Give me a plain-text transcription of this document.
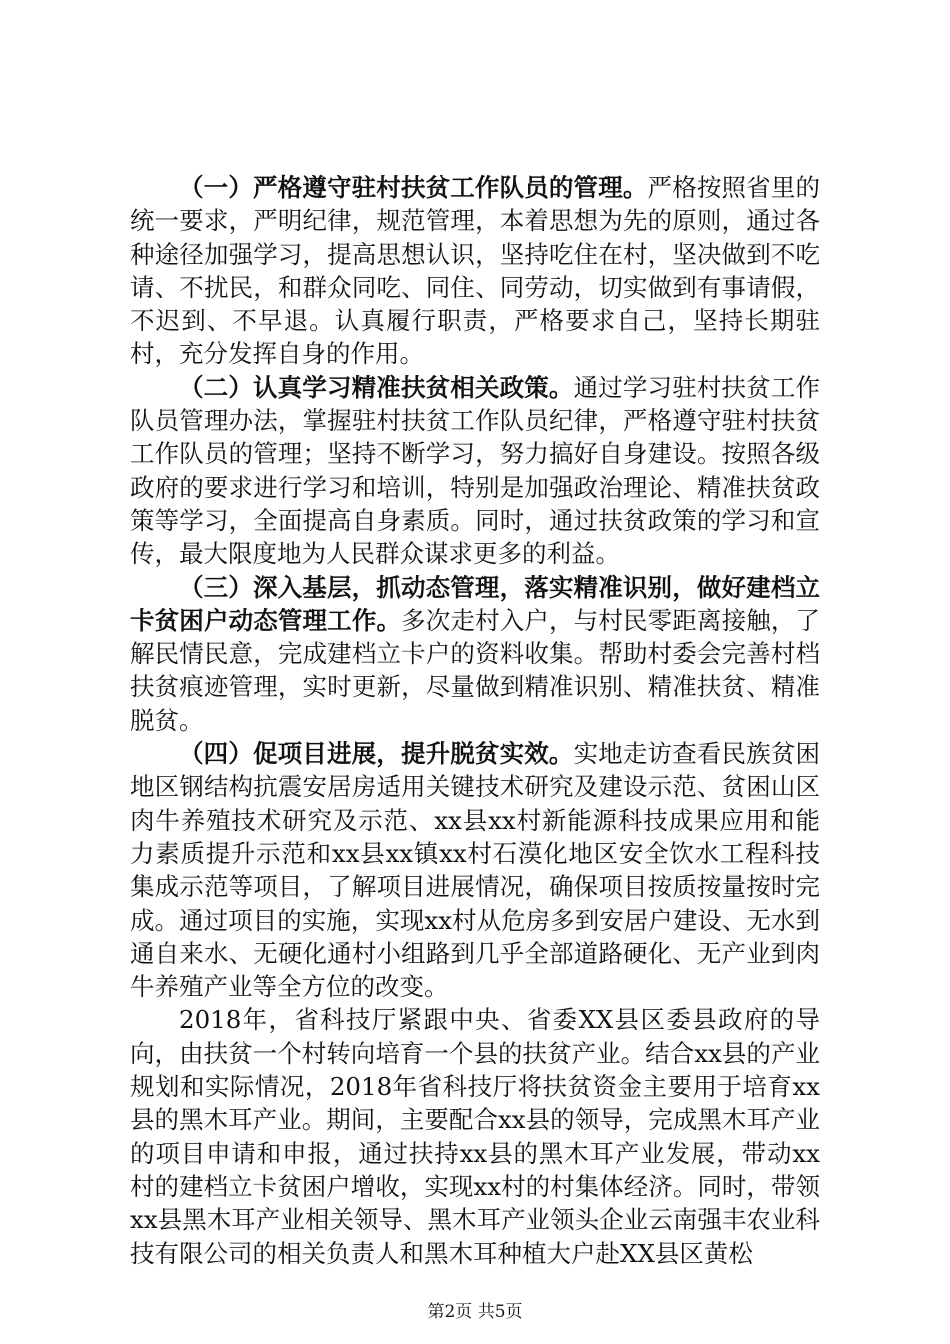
（一）严格遵守驻村扶贫工作队员的管理。严格按照省里的统一要求，严明纪律，规范管理，本着思想为先的原则，通过各种途径加强学习，提高思想认识，坚持吃住在村，坚决做到不吃请、不扰民，和群众同吃、同住、同劳动，切实做到有事请假，不迟到、不早退。认真履行职责，严格要求自己，坚持长期驻村，充分发挥自身的作用。

（二）认真学习精准扶贫相关政策。通过学习驻村扶贫工作队员管理办法，掌握驻村扶贫工作队员纪律，严格遵守驻村扶贫工作队员的管理；坚持不断学习，努力搞好自身建设。按照各级政府的要求进行学习和培训，特别是加强政治理论、精准扶贫政策等学习，全面提高自身素质。同时，通过扶贫政策的学习和宣传，最大限度地为人民群众谋求更多的利益。

（三）深入基层，抓动态管理，落实精准识别，做好建档立卡贫困户动态管理工作。多次走村入户，与村民零距离接触，了解民情民意，完成建档立卡户的资料收集。帮助村委会完善村档扶贫痕迹管理，实时更新，尽量做到精准识别、精准扶贫、精准脱贫。

（四）促项目进展，提升脱贫实效。实地走访查看民族贫困地区钢结构抗震安居房适用关键技术研究及建设示范、贫困山区肉牛养殖技术研究及示范、xx县xx村新能源科技成果应用和能力素质提升示范和xx县xx镇xx村石漠化地区安全饮水工程科技集成示范等项目，了解项目进展情况，确保项目按质按量按时完成。通过项目的实施，实现xx村从危房多到安居户建设、无水到通自来水、无硬化通村小组路到几乎全部道路硬化、无产业到肉牛养殖产业等全方位的改变。

2018年，省科技厅紧跟中央、省委XX县区委县政府的导向，由扶贫一个村转向培育一个县的扶贫产业。结合xx县的产业规划和实际情况，2018年省科技厅将扶贫资金主要用于培育xx县的黑木耳产业。期间，主要配合xx县的领导，完成黑木耳产业的项目申请和申报，通过扶持xx县的黑木耳产业发展，带动xx村的建档立卡贫困户增收，实现xx村的村集体经济。同时，带领xx县黑木耳产业相关领导、黑木耳产业领头企业云南强丰农业科技有限公司的相关负责人和黑木耳种植大户赴XX县区黄松

第2页 共5页
